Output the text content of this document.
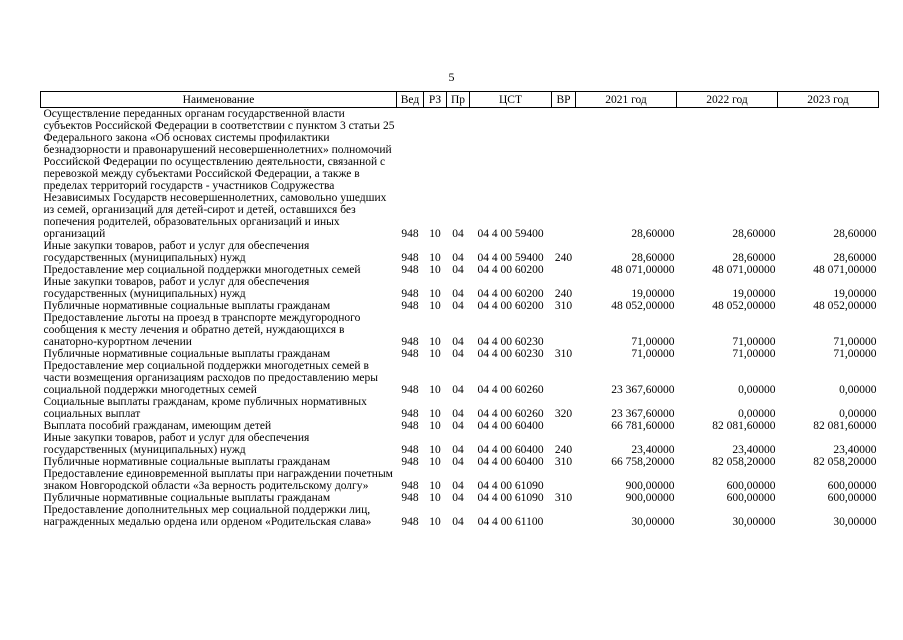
5
Наименование	Вед	РЗ	Пр	ЦСТ	ВР	2021 год	2022 год	2023 год
Осуществление переданных органам государственной власти субъектов Российской Федерации в соответствии с пунктом 3 статьи 25 Федерального закона «Об основах системы профилактики безнадзорности и правонарушений несовершеннолетних» полномочий Российской Федерации по осуществлению деятельности, связанной с перевозкой между субъектами Российской Федерации, а также в пределах территорий государств - участников Содружества Независимых Государств несовершеннолетних, самовольно ушедших из семей, организаций для детей-сирот и детей, оставшихся без попечения родителей, образовательных организаций и иных организаций	948	10	04	04 4 00 59400		28,60000	28,60000	28,60000
Иные закупки товаров, работ и услуг для обеспечения государственных (муниципальных) нужд	948	10	04	04 4 00 59400	240	28,60000	28,60000	28,60000
Предоставление мер социальной поддержки многодетных семей	948	10	04	04 4 00 60200		48 071,00000	48 071,00000	48 071,00000
Иные закупки товаров, работ и услуг для обеспечения государственных (муниципальных) нужд	948	10	04	04 4 00 60200	240	19,00000	19,00000	19,00000
Публичные нормативные социальные выплаты гражданам	948	10	04	04 4 00 60200	310	48 052,00000	48 052,00000	48 052,00000
Предоставление льготы на проезд в транспорте междугородного сообщения к месту лечения и обратно детей, нуждающихся в санаторно-курортном лечении	948	10	04	04 4 00 60230		71,00000	71,00000	71,00000
Публичные нормативные социальные выплаты гражданам	948	10	04	04 4 00 60230	310	71,00000	71,00000	71,00000
Предоставление мер социальной поддержки многодетных семей в части возмещения организациям расходов по предоставлению меры социальной поддержки многодетных семей	948	10	04	04 4 00 60260		23 367,60000	0,00000	0,00000
Социальные выплаты гражданам, кроме публичных нормативных социальных выплат	948	10	04	04 4 00 60260	320	23 367,60000	0,00000	0,00000
Выплата пособий гражданам, имеющим детей	948	10	04	04 4 00 60400		66 781,60000	82 081,60000	82 081,60000
Иные закупки товаров, работ и услуг для обеспечения государственных (муниципальных) нужд	948	10	04	04 4 00 60400	240	23,40000	23,40000	23,40000
Публичные нормативные социальные выплаты гражданам	948	10	04	04 4 00 60400	310	66 758,20000	82 058,20000	82 058,20000
Предоставление единовременной выплаты при награждении почетным знаком Новгородской области «За верность родительскому долгу»	948	10	04	04 4 00 61090		900,00000	600,00000	600,00000
Публичные нормативные социальные выплаты гражданам	948	10	04	04 4 00 61090	310	900,00000	600,00000	600,00000
Предоставление дополнительных мер социальной поддержки лиц, награжденных медалью ордена или орденом «Родительская слава»	948	10	04	04 4 00 61100		30,00000	30,00000	30,00000
